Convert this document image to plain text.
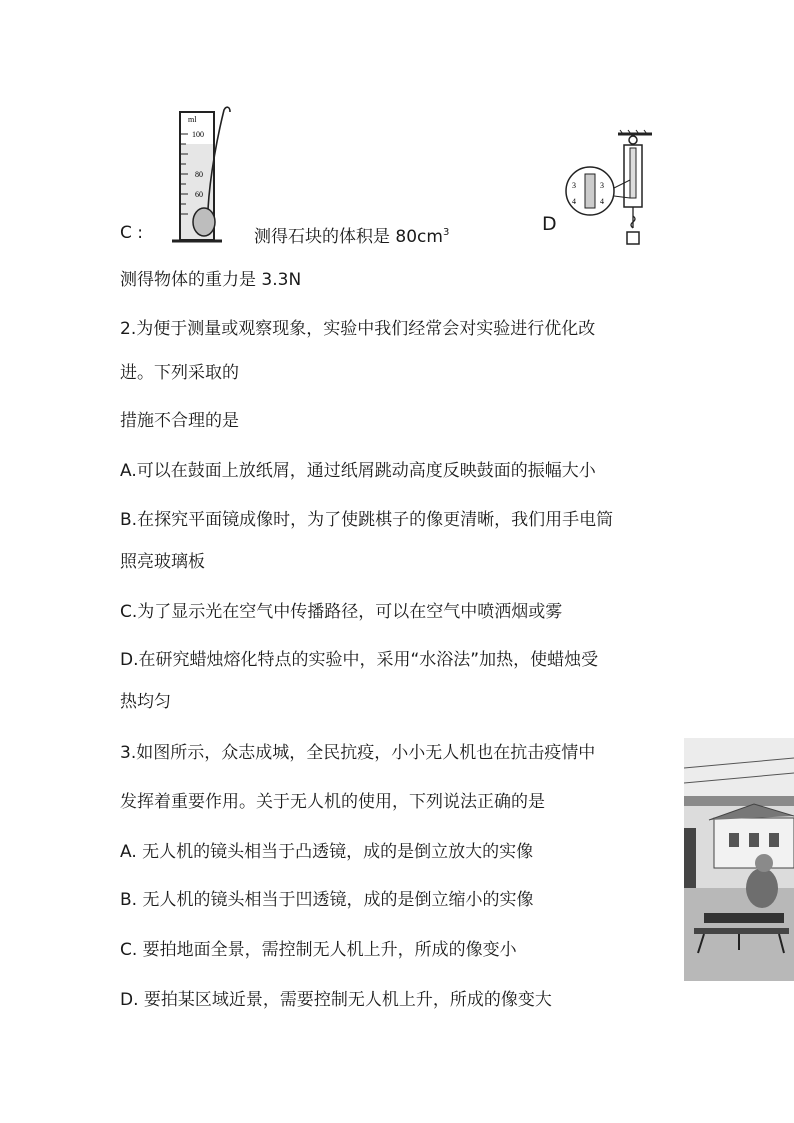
ml
100
80
60
3
4
3
4
C :	测得石块的体积是 $80cm^3$	D
测得物体的重力是 3.3N
2.为便于测量或观察现象，实验中我们经常会对实验进行优化改
进。下列采取的
措施不合理的是
A.可以在鼓面上放纸屑，通过纸屑跳动高度反映鼓面的振幅大小
B.在探究平面镜成像时，为了使跳棋子的像更清晰，我们用手电筒
照亮玻璃板
C.为了显示光在空气中传播路径，可以在空气中喷洒烟或雾
D.在研究蜡烛熔化特点的实验中，采用“水浴法”加热，使蜡烛受
热均匀
3.如图所示，众志成城，全民抗疫，小小无人机也在抗击疫情中
发挥着重要作用。关于无人机的使用，下列说法正确的是
A. 无人机的镜头相当于凸透镜，成的是倒立放大的实像
B. 无人机的镜头相当于凹透镜，成的是倒立缩小的实像
C. 要拍地面全景，需控制无人机上升，所成的像变小
D. 要拍某区域近景，需要控制无人机上升，所成的像变大
